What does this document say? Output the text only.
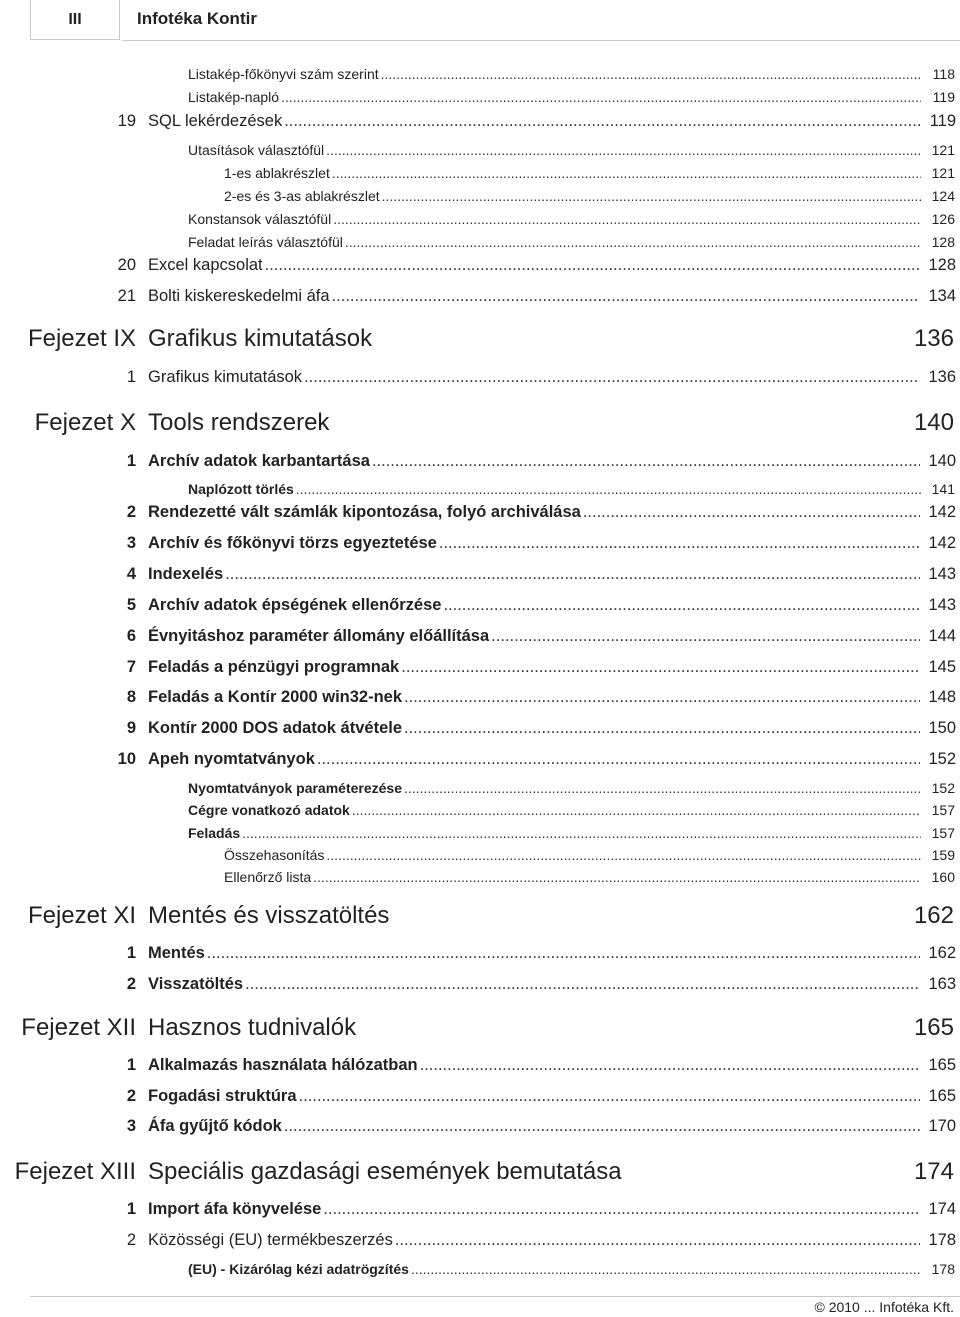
III	Infotéka Kontir
Listakép-főkönyvi szám szerint .....	118
Listakép-napló .....	119
19 SQL lekérdezések .....	119
Utasítások választófül .....	121
1-es ablakrészlet .....	121
2-es és 3-as ablakrészlet .....	124
Konstansok választófül .....	126
Feladat leírás választófül .....	128
20 Excel kapcsolat .....	128
21 Bolti kiskereskedelmi áfa .....	134
Fejezet IX Grafikus kimutatások	136
1 Grafikus kimutatások .....	136
Fejezet X Tools rendszerek	140
1 Archív adatok karbantartása .....	140
Naplózott törlés .....	141
2 Rendezetté vált számlák kipontozása, folyó archiválása .....	142
3 Archív és főkönyvi törzs egyeztetése .....	142
4 Indexelés .....	143
5 Archív adatok épségének ellenőrzése .....	143
6 Évnyitáshoz paraméter állomány előállítása .....	144
7 Feladás a pénzügyi programnak .....	145
8 Feladás a Kontír 2000 win32-nek .....	148
9 Kontír 2000 DOS adatok átvétele .....	150
10 Apeh nyomtatványok .....	152
Nyomtatványok paraméterezése .....	152
Cégre vonatkozó adatok .....	157
Feladás .....	157
Összehasonítás .....	159
Ellenőrző lista .....	160
Fejezet XI Mentés és visszatöltés	162
1 Mentés .....	162
2 Visszatöltés .....	163
Fejezet XII Hasznos tudnivalók	165
1 Alkalmazás használata hálózatban .....	165
2 Fogadási struktúra .....	165
3 Áfa gyűjtő kódok .....	170
Fejezet XIII Speciális gazdasági események bemutatása	174
1 Import áfa könyvelése .....	174
2 Közösségi (EU) termékbeszerzés .....	178
(EU) - Kizárólag kézi adatrögzítés .....	178
© 2010 ... Infotéka Kft.
